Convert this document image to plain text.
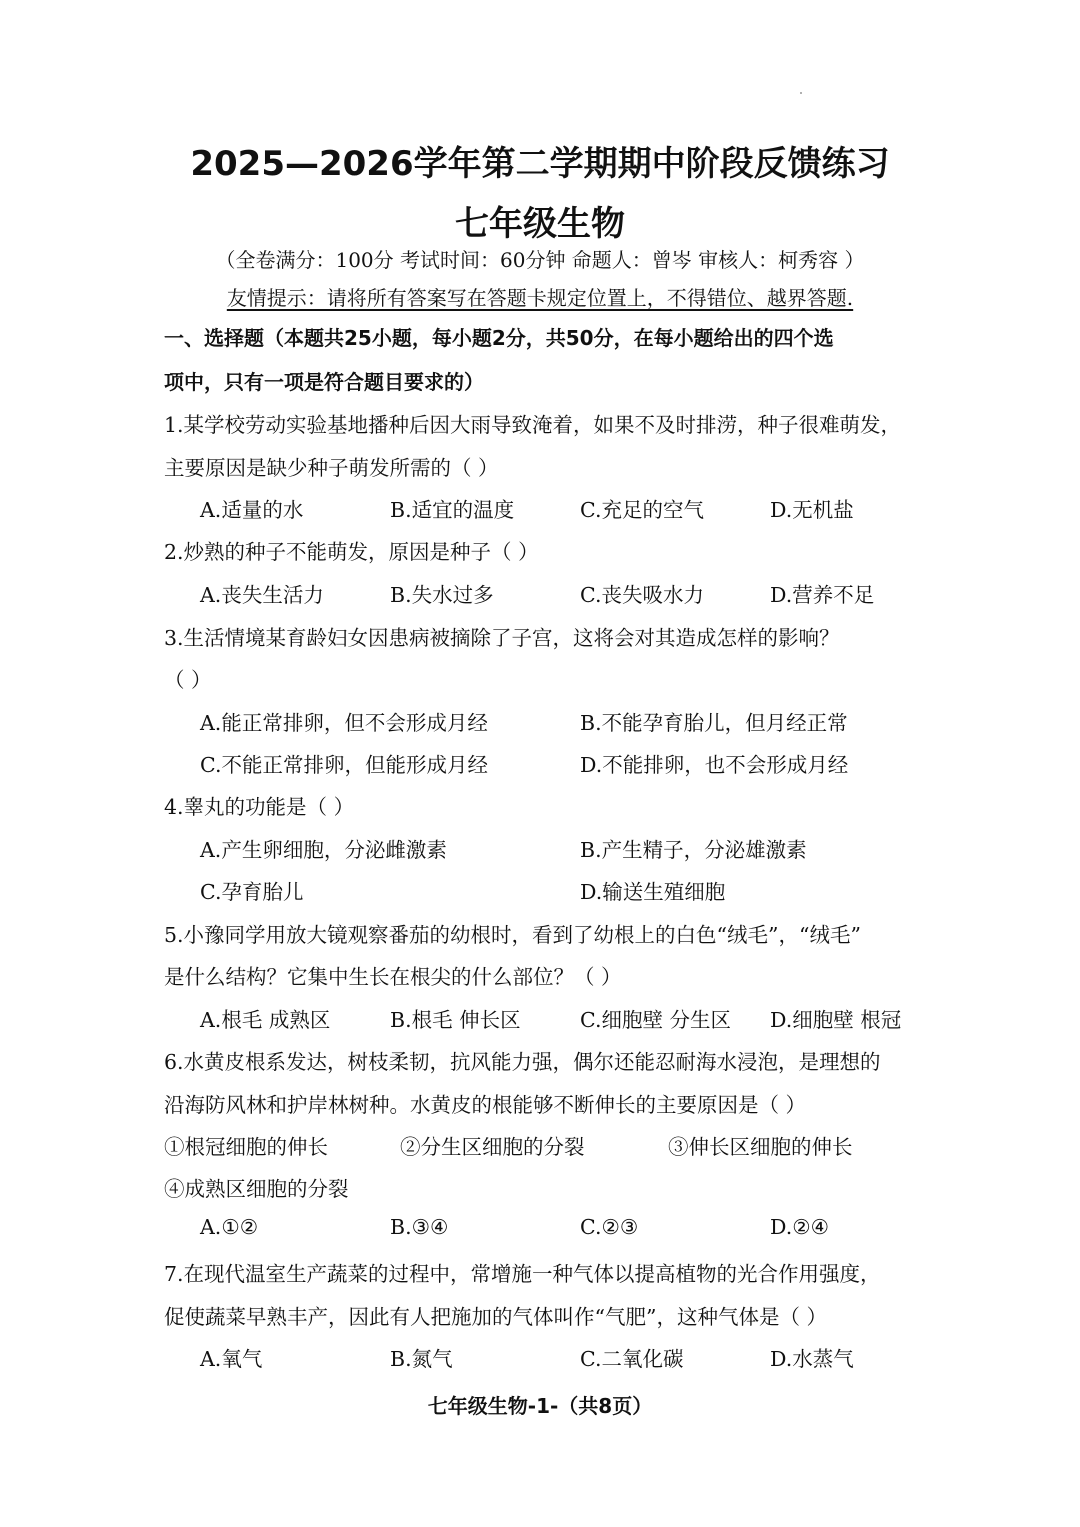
2025—2026学年第二学期期中阶段反馈练习
七年级生物
（全卷满分：100分 考试时间：60分钟 命题人：曾岑 审核人：柯秀容 ）
友情提示：请将所有答案写在答题卡规定位置上，不得错位、越界答题.
一、选择题（本题共25小题，每小题2分，共50分，在每小题给出的四个选
项中，只有一项是符合题目要求的）
1.某学校劳动实验基地播种后因大雨导致淹着，如果不及时排涝，种子很难萌发，
主要原因是缺少种子萌发所需的（ ）
A.适量的水	B.适宜的温度	C.充足的空气	D.无机盐
2.炒熟的种子不能萌发，原因是种子（ ）
A.丧失生活力	B.失水过多	C.丧失吸水力	D.营养不足
3.生活情境某育龄妇女因患病被摘除了子宫，这将会对其造成怎样的影响？
（ ）
A.能正常排卵，但不会形成月经	B.不能孕育胎儿，但月经正常
C.不能正常排卵，但能形成月经	D.不能排卵，也不会形成月经
4.睾丸的功能是（ ）
A.产生卵细胞，分泌雌激素	B.产生精子，分泌雄激素
C.孕育胎儿	D.输送生殖细胞
5.小豫同学用放大镜观察番茄的幼根时，看到了幼根上的白色“绒毛”，“绒毛”
是什么结构？它集中生长在根尖的什么部位？（ ）
A.根毛 成熟区	B.根毛 伸长区	C.细胞壁 分生区 D.细胞壁 根冠
6.水黄皮根系发达，树枝柔韧，抗风能力强，偶尔还能忍耐海水浸泡，是理想的
沿海防风林和护岸林树种。水黄皮的根能够不断伸长的主要原因是（ ）
①根冠细胞的伸长	②分生区细胞的分裂	③伸长区细胞的伸长
④成熟区细胞的分裂
A.①②	B.③④	C.②③	D.②④
7.在现代温室生产蔬菜的过程中，常增施一种气体以提高植物的光合作用强度，
促使蔬菜早熟丰产，因此有人把施加的气体叫作“气肥”，这种气体是（ ）
A.氧气	B.氮气	C.二氧化碳	D.水蒸气
七年级生物-1-（共8页）
